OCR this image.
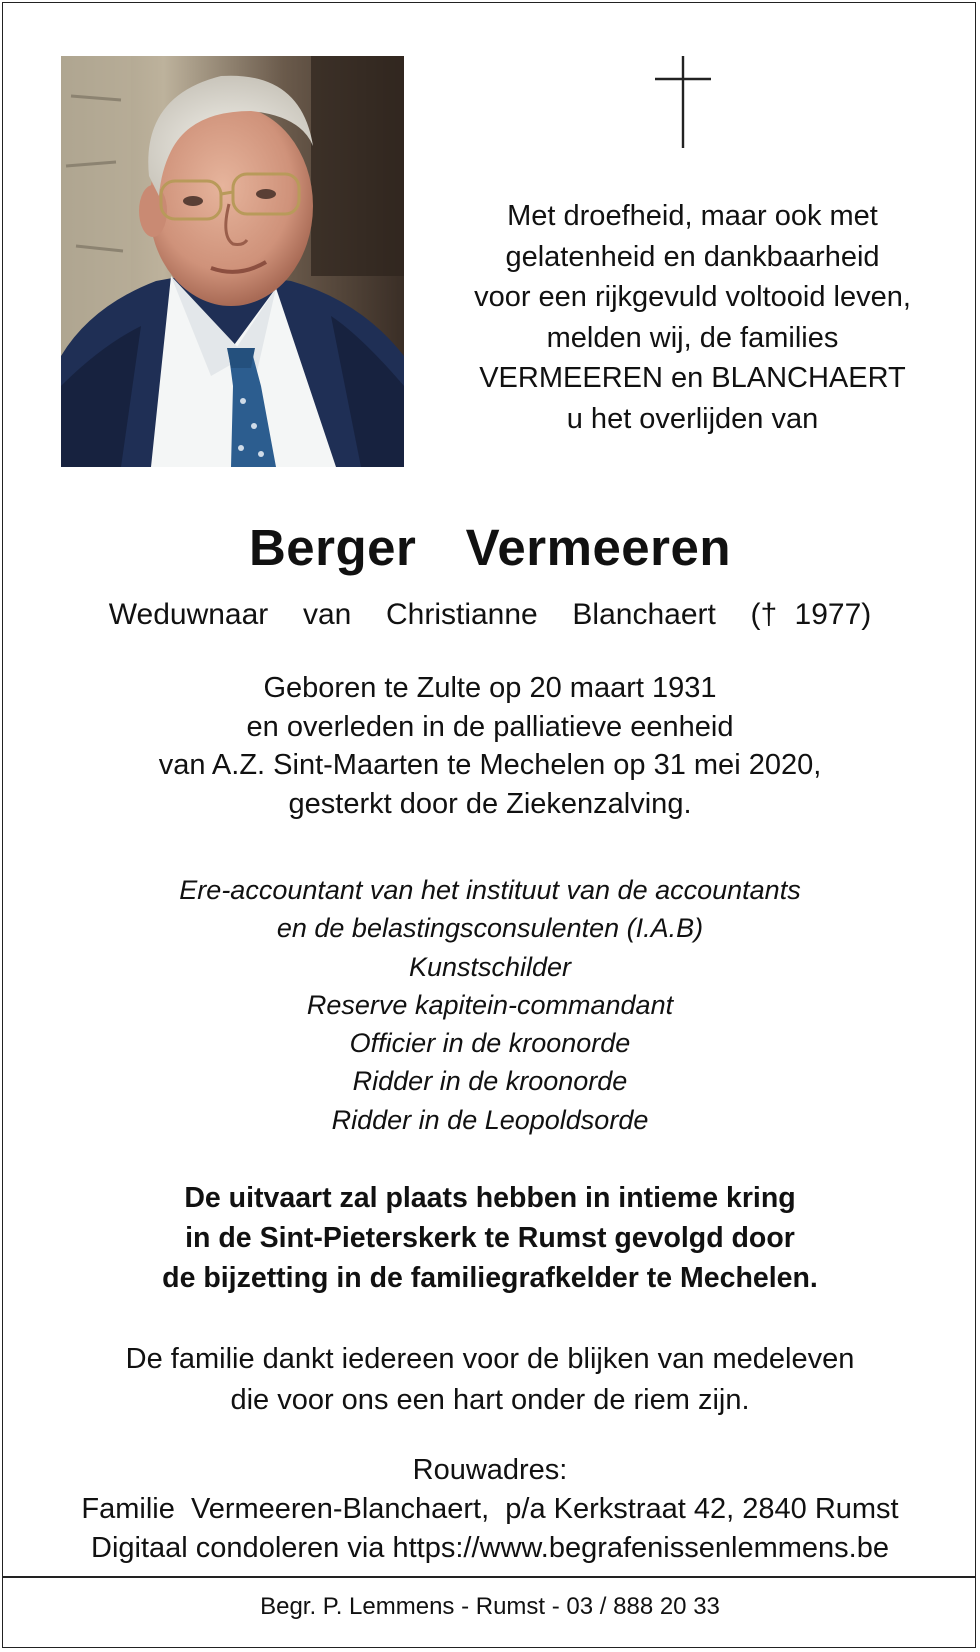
Met droefheid, maar ook met
gelatenheid en dankbaarheid
voor een rijkgevuld voltooid leven,
melden wij, de families
VERMEEREN en BLANCHAERT
u het overlijden van
Berger  Vermeeren
Weduwnaar  van  Christianne  Blanchaert  († 1977)
Geboren te Zulte op 20 maart 1931
en overleden in de palliatieve eenheid
van A.Z. Sint-Maarten te Mechelen op 31 mei 2020,
gesterkt door de Ziekenzalving.
Ere-accountant van het instituut van de accountants
en de belastingsconsulenten (I.A.B)
Kunstschilder
Reserve kapitein-commandant
Officier in de kroonorde
Ridder in de kroonorde
Ridder in de Leopoldsorde
De uitvaart zal plaats hebben in intieme kring
in de Sint-Pieterskerk te Rumst gevolgd door
de bijzetting in de familiegrafkelder te Mechelen.
De familie dankt iedereen voor de blijken van medeleven
die voor ons een hart onder de riem zijn.
Rouwadres:
Familie  Vermeeren-Blanchaert,  p/a Kerkstraat 42, 2840 Rumst
Digitaal condoleren via https://www.begrafenissenlemmens.be
Begr. P. Lemmens - Rumst - 03 / 888 20 33
